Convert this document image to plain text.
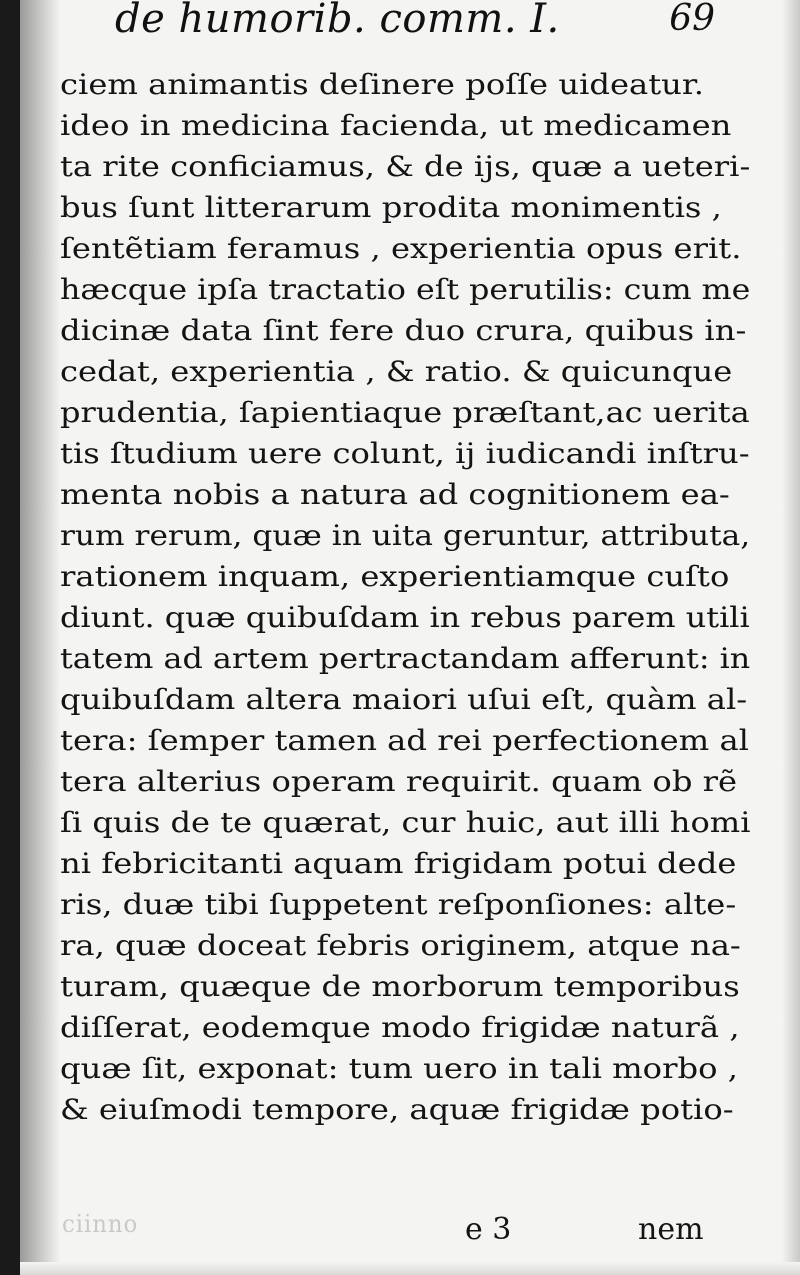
de humorib. comm. I.	69
ciem animantis deſinere poſſe uideatur.
ideo in medicina facienda, ut medicamen
ta rite conficiamus, & de ijs, quæ a ueteri-
bus ſunt litterarum prodita monimentis ,
ſentẽtiam feramus , experientia opus erit.
hæcque ipſa tractatio eſt perutilis: cum me
dicinæ data ſint fere duo crura, quibus in-
cedat, experientia , & ratio. & quicunque
prudentia, ſapientiaque præſtant,ac uerita
tis ſtudium uere colunt, ij iudicandi inſtru-
menta nobis a natura ad cognitionem ea-
rum rerum, quæ in uita geruntur, attributa,
rationem inquam, experientiamque cuſto
diunt. quæ quibuſdam in rebus parem utili
tatem ad artem pertractandam afferunt: in
quibuſdam altera maiori uſui eſt, quàm al-
tera: ſemper tamen ad rei perfectionem al
tera alterius operam requirit. quam ob rẽ
ſi quis de te quærat, cur huic, aut illi homi
ni febricitanti aquam frigidam potui dede
ris, duæ tibi ſuppetent reſponſiones: alte-
ra, quæ doceat febris originem, atque na-
turam, quæque de morborum temporibus
diſſerat, eodemque modo frigidæ naturã ,
quæ ſit, exponat: tum uero in tali morbo ,
& eiuſmodi tempore, aquæ frigidæ potio-
ciinno	e 3	nem
